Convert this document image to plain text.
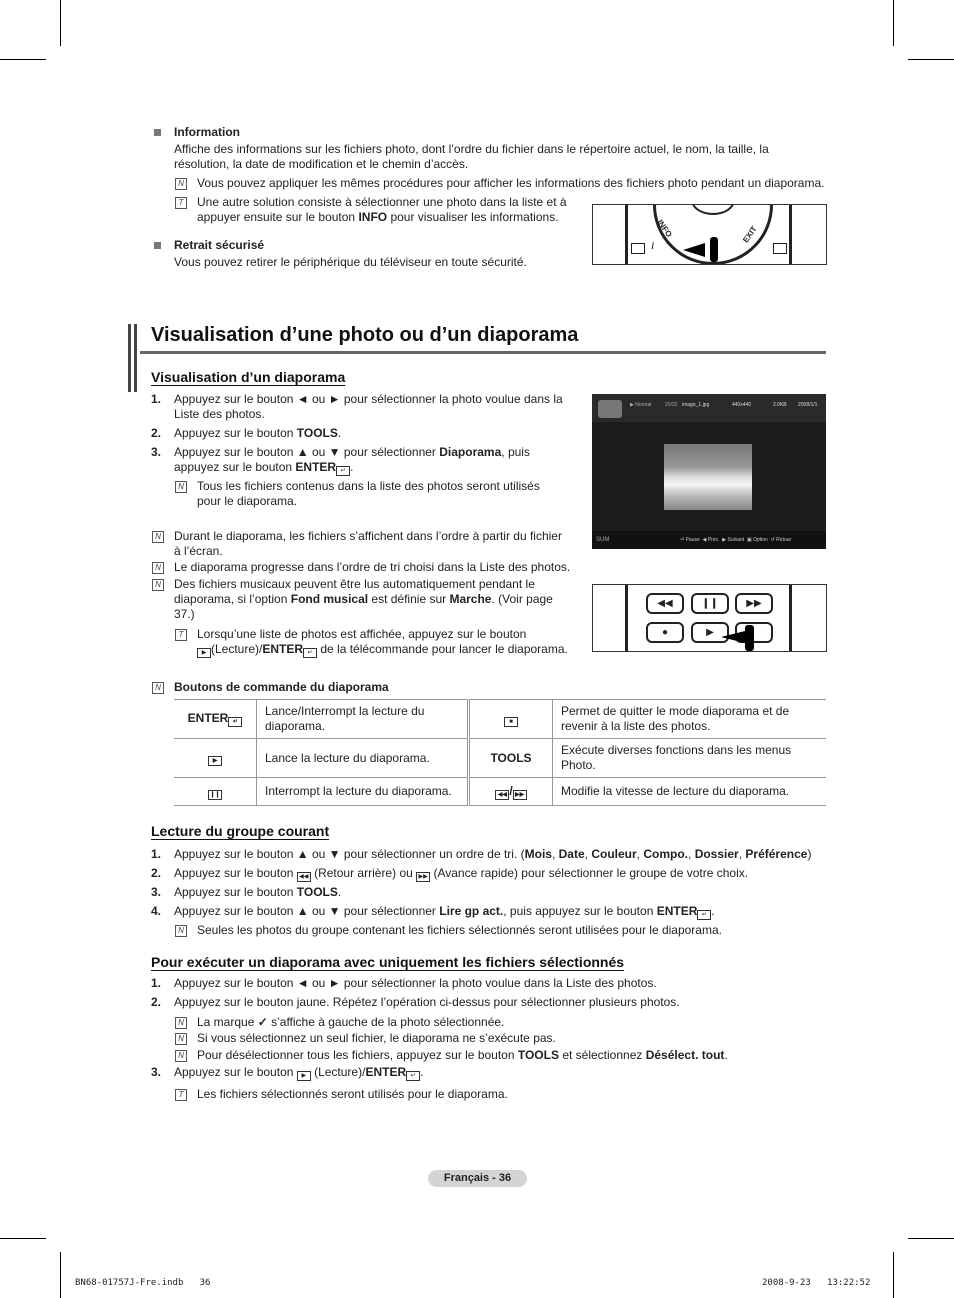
Information
Affiche des informations sur les fichiers photo, dont l’ordre du fichier dans le répertoire actuel, le nom, la taille, la résolution, la date de modification et le chemin d’accès.
N Vous pouvez appliquer les mêmes procédures pour afficher les informations des fichiers photo pendant un diaporama.
T Une autre solution consiste à sélectionner une photo dans la liste et à appuyer ensuite sur le bouton INFO pour visualiser les informations.
Retrait sécurisé
Vous pouvez retirer le périphérique du téléviseur en toute sécurité.
INFO	EXIT
i
Visualisation d’une photo ou d’un diaporama
Visualisation d’un diaporama
1. Appuyez sur le bouton ◄ ou ► pour sélectionner la photo voulue dans la Liste des photos.
2. Appuyez sur le bouton TOOLS.
3. Appuyez sur le bouton ▲ ou ▼ pour sélectionner Diaporama, puis appuyez sur le bouton ENTER ↵ .
N Tous les fichiers contenus dans la liste des photos seront utilisés pour le diaporama.
N Durant le diaporama, les fichiers s’affichent dans l’ordre à partir du fichier à l’écran.
N Le diaporama progresse dans l’ordre de tri choisi dans la Liste des photos.
N Des fichiers musicaux peuvent être lus automatiquement pendant le diaporama, si l’option Fond musical est définie sur Marche. (Voir page 37.)
T Lorsqu’une liste de photos est affichée, appuyez sur le bouton
▶ (Lecture)/ENTER ↵ de la télécommande pour lancer le diaporama.
▶ Normal	20/22 image_1.jpg	440x440	2.0KB 2008/1/1
SUM	⏎ Pause  ◀ Préc.  ▶ Suivant  ▣ Option  ↺ Retour
◀◀	❙❙	▶▶
●	▶
N Boutons de commande du diaporama
ENTER ↵	Lance/Interrompt la lecture du diaporama.	■	Permet de quitter le mode diaporama et de revenir à la liste des photos.
▶	Lance la lecture du diaporama.	TOOLS	Exécute diverses fonctions dans les menus Photo.
❙❙	Interrompt la lecture du diaporama.	◀◀ / ▶▶	Modifie la vitesse de lecture du diaporama.
Lecture du groupe courant
1. Appuyez sur le bouton ▲ ou ▼ pour sélectionner un ordre de tri. (Mois, Date, Couleur, Compo., Dossier, Préférence)
2. Appuyez sur le bouton ◀◀ (Retour arrière) ou ▶▶ (Avance rapide) pour sélectionner le groupe de votre choix.
3. Appuyez sur le bouton TOOLS.
4. Appuyez sur le bouton ▲ ou ▼ pour sélectionner Lire gp act., puis appuyez sur le bouton ENTER ↵ .
N Seules les photos du groupe contenant les fichiers sélectionnés seront utilisées pour le diaporama.
Pour exécuter un diaporama avec uniquement les fichiers sélectionnés
1. Appuyez sur le bouton ◄ ou ► pour sélectionner la photo voulue dans la Liste des photos.
2. Appuyez sur le bouton jaune. Répétez l’opération ci-dessus pour sélectionner plusieurs photos.
N La marque ✓ s’affiche à gauche de la photo sélectionnée.
N Si vous sélectionnez un seul fichier, le diaporama ne s’exécute pas.
N Pour désélectionner tous les fichiers, appuyez sur le bouton TOOLS et sélectionnez Désélect. tout.
3. Appuyez sur le bouton ▶ (Lecture)/ENTER ↵ .
T Les fichiers sélectionnés seront utilisés pour le diaporama.
Français - 36
BN68-01757J-Fre.indb   36	2008-9-23   13:22:52
